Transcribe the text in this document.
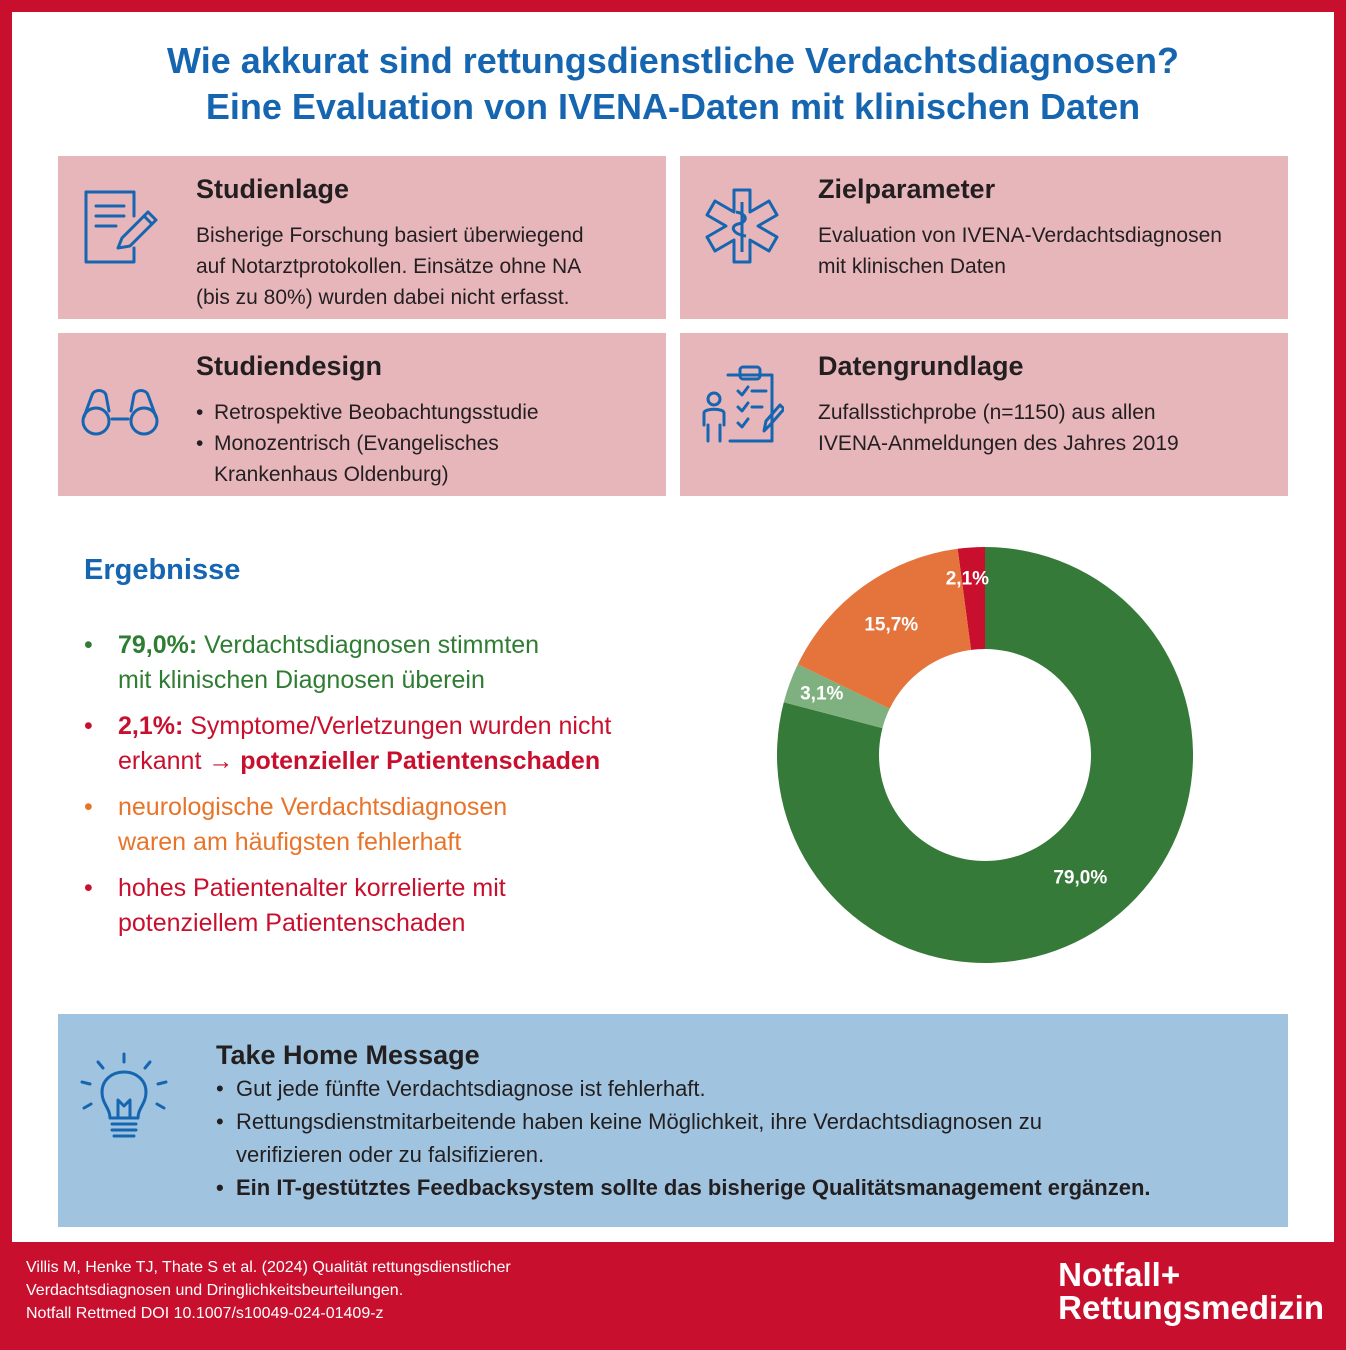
Wie akkurat sind rettungsdienstliche Verdachtsdiagnosen?
Eine Evaluation von IVENA-Daten mit klinischen Daten
Studienlage
Bisherige Forschung basiert überwiegend
auf Notarztprotokollen. Einsätze ohne NA
(bis zu 80%) wurden dabei nicht erfasst.
Zielparameter
Evaluation von IVENA-Verdachtsdiagnosen
mit klinischen Daten
Studiendesign
• Retrospektive Beobachtungsstudie
• Monozentrisch (Evangelisches
Krankenhaus Oldenburg)
Datengrundlage
Zufallsstichprobe (n=1150) aus allen
IVENA-Anmeldungen des Jahres 2019
Ergebnisse
• 79,0%: Verdachtsdiagnosen stimmten
mit klinischen Diagnosen überein
• 2,1%: Symptome/Verletzungen wurden nicht
erkannt → potenzieller Patientenschaden
• neurologische Verdachtsdiagnosen
waren am häufigsten fehlerhaft
• hohes Patientenalter korrelierte mit
potenziellem Patientenschaden
2,1%
79,0%
3,1%
15,7%
Take Home Message
• Gut jede fünfte Verdachtsdiagnose ist fehlerhaft.
• Rettungsdienstmitarbeitende haben keine Möglichkeit, ihre Verdachtsdiagnosen zu
verifizieren oder zu falsifizieren.
• Ein IT-gestütztes Feedbacksystem sollte das bisherige Qualitätsmanagement ergänzen.
Villis M, Henke TJ, Thate S et al. (2024) Qualität rettungsdienstlicher
Verdachtsdiagnosen und Dringlichkeitsbeurteilungen.
Notfall Rettmed DOI 10.1007/s10049-024-01409-z
Notfall+
Rettungsmedizin
